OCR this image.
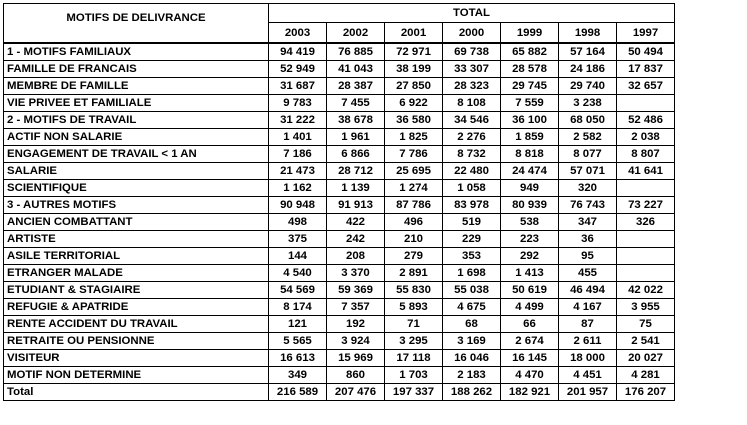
MOTIFS DE DELIVRANCE	TOTAL						
	2003	2002	2001	2000	1999	1998	1997
1 - MOTIFS FAMILIAUX	94 419	76 885	72 971	69 738	65 882	57 164	50 494
FAMILLE DE FRANCAIS	52 949	41 043	38 199	33 307	28 578	24 186	17 837
MEMBRE DE FAMILLE	31 687	28 387	27 850	28 323	29 745	29 740	32 657
VIE PRIVEE ET FAMILIALE	9 783	7 455	6 922	8 108	7 559	3 238	
2 - MOTIFS DE TRAVAIL	31 222	38 678	36 580	34 546	36 100	68 050	52 486
ACTIF NON SALARIE	1 401	1 961	1 825	2 276	1 859	2 582	2 038
ENGAGEMENT DE TRAVAIL < 1 AN	7 186	6 866	7 786	8 732	8 818	8 077	8 807
SALARIE	21 473	28 712	25 695	22 480	24 474	57 071	41 641
SCIENTIFIQUE	1 162	1 139	1 274	1 058	949	320	
3 - AUTRES MOTIFS	90 948	91 913	87 786	83 978	80 939	76 743	73 227
ANCIEN COMBATTANT	498	422	496	519	538	347	326
ARTISTE	375	242	210	229	223	36	
ASILE TERRITORIAL	144	208	279	353	292	95	
ETRANGER MALADE	4 540	3 370	2 891	1 698	1 413	455	
ETUDIANT & STAGIAIRE	54 569	59 369	55 830	55 038	50 619	46 494	42 022
REFUGIE & APATRIDE	8 174	7 357	5 893	4 675	4 499	4 167	3 955
RENTE ACCIDENT DU TRAVAIL	121	192	71	68	66	87	75
RETRAITE OU PENSIONNE	5 565	3 924	3 295	3 169	2 674	2 611	2 541
VISITEUR	16 613	15 969	17 118	16 046	16 145	18 000	20 027
MOTIF NON DETERMINE	349	860	1 703	2 183	4 470	4 451	4 281
Total	216 589	207 476	197 337	188 262	182 921	201 957	176 207
